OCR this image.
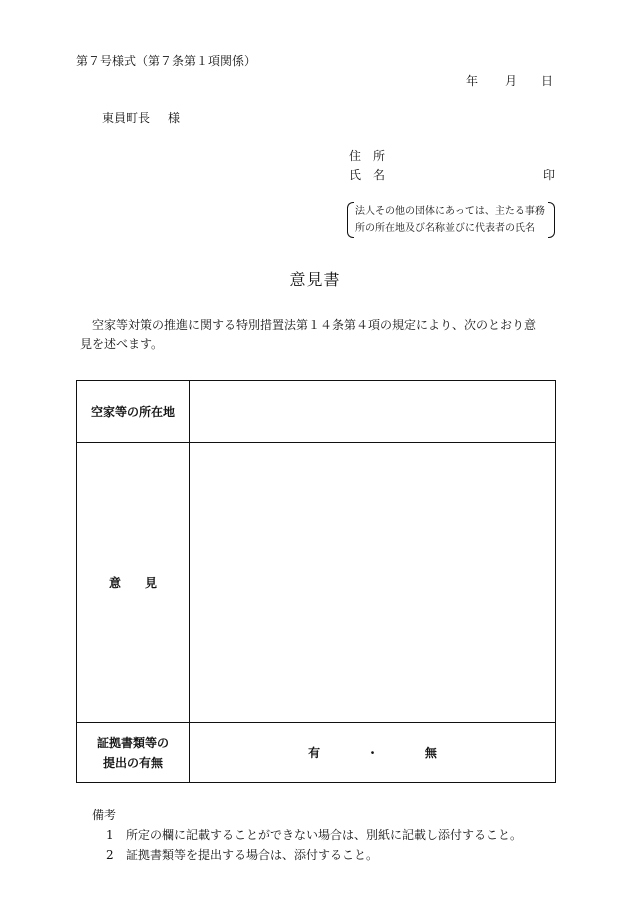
第７号様式（第７条第１項関係）
年 月 日
東員町長 様
住　所
氏　名	印
法人その他の団体にあっては、主たる事務
所の所在地及び名称並びに代表者の氏名
意見書
空家等対策の推進に関する特別措置法第１４条第４項の規定により、次のとおり意
見を述べます。
空家等の所在地	
意　　見	

証拠書類等の
提出の有無	有 ・ 無
備考
1 所定の欄に記載することができない場合は、別紙に記載し添付すること。
2 証拠書類等を提出する場合は、添付すること。
